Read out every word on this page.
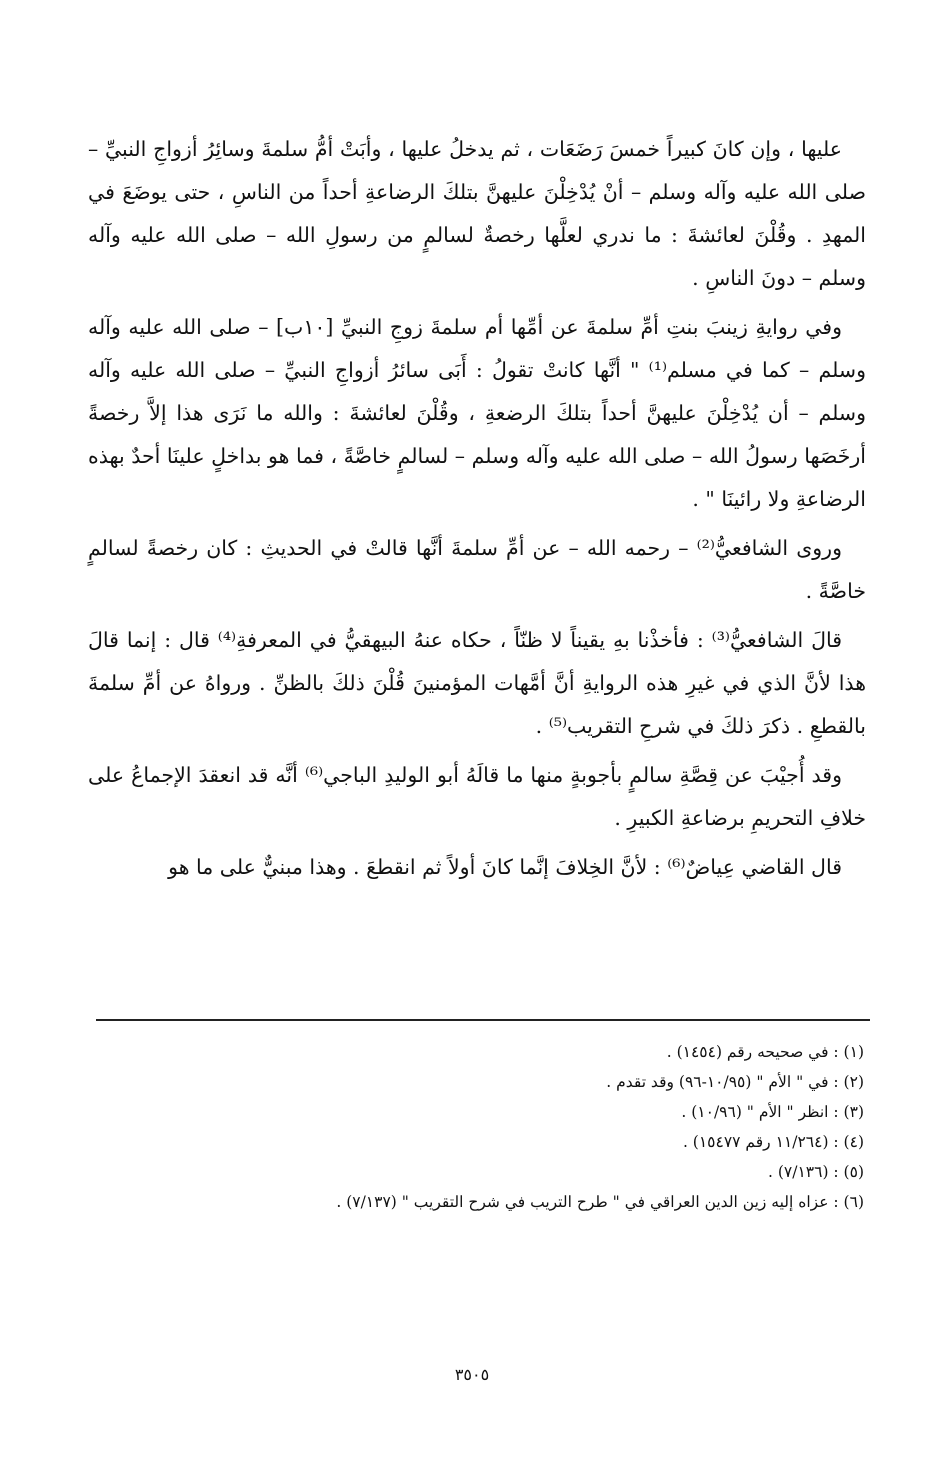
عليها ، وإن كانَ كبيراً خمسَ رَضَعَات ، ثم يدخلُ عليها ، وأبَتْ أمُّ سلمةَ وسائِرُ أزواجِ النبيِّ – صلى الله عليه وآله وسلم – أنْ يُدْخِلْنَ عليهنَّ بتلكَ الرضاعةِ أحداً من الناسِ ، حتى يوضَعَ في المهدِ . وقُلْنَ لعائشةَ : ما ندري لعلَّها رخصةٌ لسالمٍ من رسولِ الله – صلى الله عليه وآله وسلم – دونَ الناسِ .

وفي روايةِ زينبَ بنتِ أمِّ سلمةَ عن أمِّها أم سلمةَ زوجِ النبيِّ [١٠ب] – صلى الله عليه وآله وسلم – كما في مسلم⁽¹⁾ " أنَّها كانتْ تقولُ : أَبَى سائرُ أزواجِ النبيِّ – صلى الله عليه وآله وسلم – أن يُدْخِلْنَ عليهنَّ أحداً بتلكَ الرضعةِ ، وقُلْنَ لعائشةَ : والله ما نَرَى هذا إلاَّ رخصةً أرخَصَها رسولُ الله – صلى الله عليه وآله وسلم – لسالمٍ خاصَّةً ، فما هو بداخلٍ علينَا أحدٌ بهذه الرضاعةِ ولا رائينَا " .

وروى الشافعيُّ⁽²⁾ – رحمه الله – عن أمِّ سلمةَ أنَّها قالتْ في الحديثِ : كان رخصةً لسالمٍ خاصَّةً .

قالَ الشافعيُّ⁽³⁾ : فأخذْنا بهِ يقيناً لا ظنّاً ، حكاه عنهُ البيهقيُّ في المعرفةِ⁽⁴⁾ قال : إنما قالَ هذا لأنَّ الذي في غيرِ هذه الروايةِ أنَّ أمَّهات المؤمنينَ قُلْنَ ذلكَ بالظنِّ . ورواهُ عن أمِّ سلمةَ بالقطعِ . ذكرَ ذلكَ في شرحِ التقريب⁽⁵⁾ .

وقد أُجيْبَ عن قِصَّةِ سالمٍ بأجوبةٍ منها ما قالَهُ أبو الوليدِ الباجي⁽⁶⁾ أنَّه قد انعقدَ الإجماعُ على خلافِ التحريمِ برضاعةِ الكبيرِ .

قال القاضي عِياضٌ⁽⁶⁾ : لأنَّ الخِلافَ إنَّما كانَ أولاً ثم انقطعَ . وهذا مبنيٌّ على ما هو

(١) : في صحيحه رقم (١٤٥٤) .

(٢) : في " الأم " (١٠/٩٥-٩٦) وقد تقدم .

(٣) : انظر " الأم " (١٠/٩٦) .

(٤) : (١١/٢٦٤ رقم ١٥٤٧٧) .

(٥) : (٧/١٣٦) .

(٦) : عزاه إليه زين الدين العراقي في " طرح التريب في شرح التقريب " (٧/١٣٧) .

٣٥٠٥
